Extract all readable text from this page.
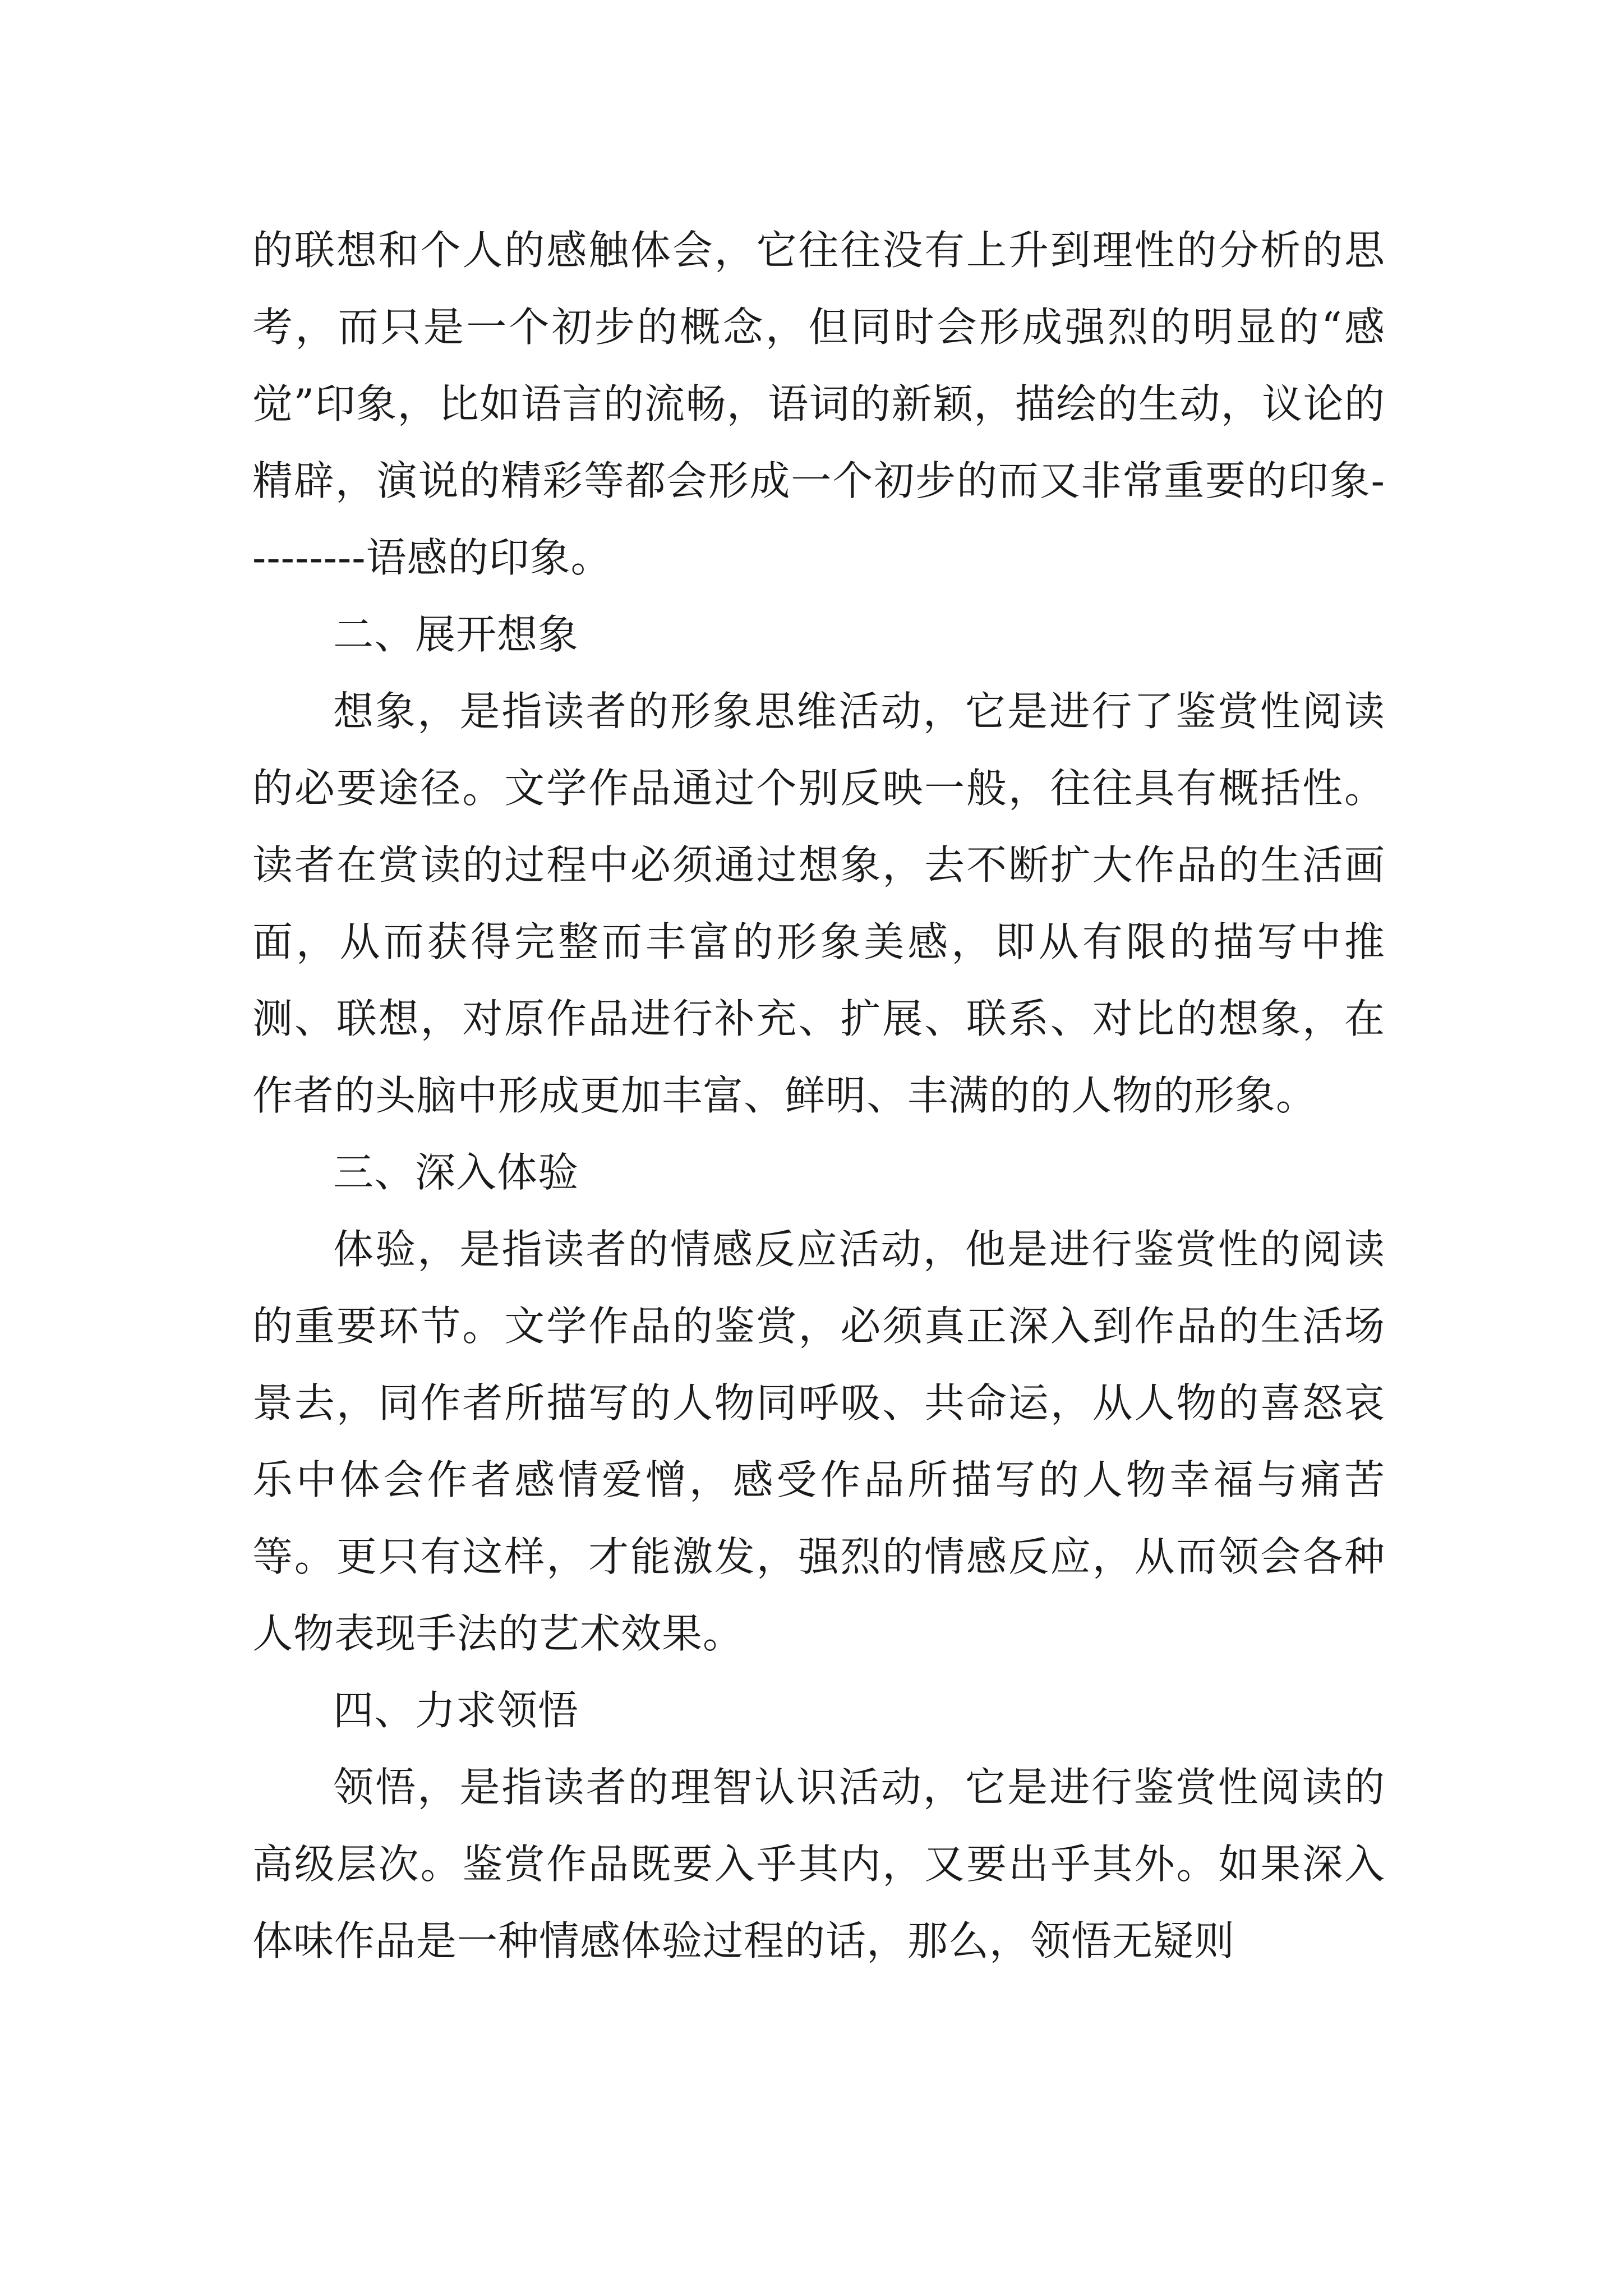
的联想和个人的感触体会，它往往没有上升到理性的分析的思考，而只是一个初步的概念，但同时会形成强烈的明显的“感觉”印象，比如语言的流畅，语词的新颖，描绘的生动，议论的精辟，演说的精彩等都会形成一个初步的而又非常重要的印象---------语感的印象。

二、展开想象

想象，是指读者的形象思维活动，它是进行了鉴赏性阅读的必要途径。文学作品通过个别反映一般，往往具有概括性。读者在赏读的过程中必须通过想象，去不断扩大作品的生活画面，从而获得完整而丰富的形象美感，即从有限的描写中推测、联想，对原作品进行补充、扩展、联系、对比的想象，在作者的头脑中形成更加丰富、鲜明、丰满的的人物的形象。

三、深入体验

体验，是指读者的情感反应活动，他是进行鉴赏性的阅读的重要环节。文学作品的鉴赏，必须真正深入到作品的生活场景去，同作者所描写的人物同呼吸、共命运，从人物的喜怒哀乐中体会作者感情爱憎，感受作品所描写的人物幸福与痛苦等。更只有这样，才能激发，强烈的情感反应，从而领会各种人物表现手法的艺术效果。

四、力求领悟

领悟，是指读者的理智认识活动，它是进行鉴赏性阅读的高级层次。鉴赏作品既要入乎其内，又要出乎其外。如果深入体味作品是一种情感体验过程的话，那么，领悟无疑则
